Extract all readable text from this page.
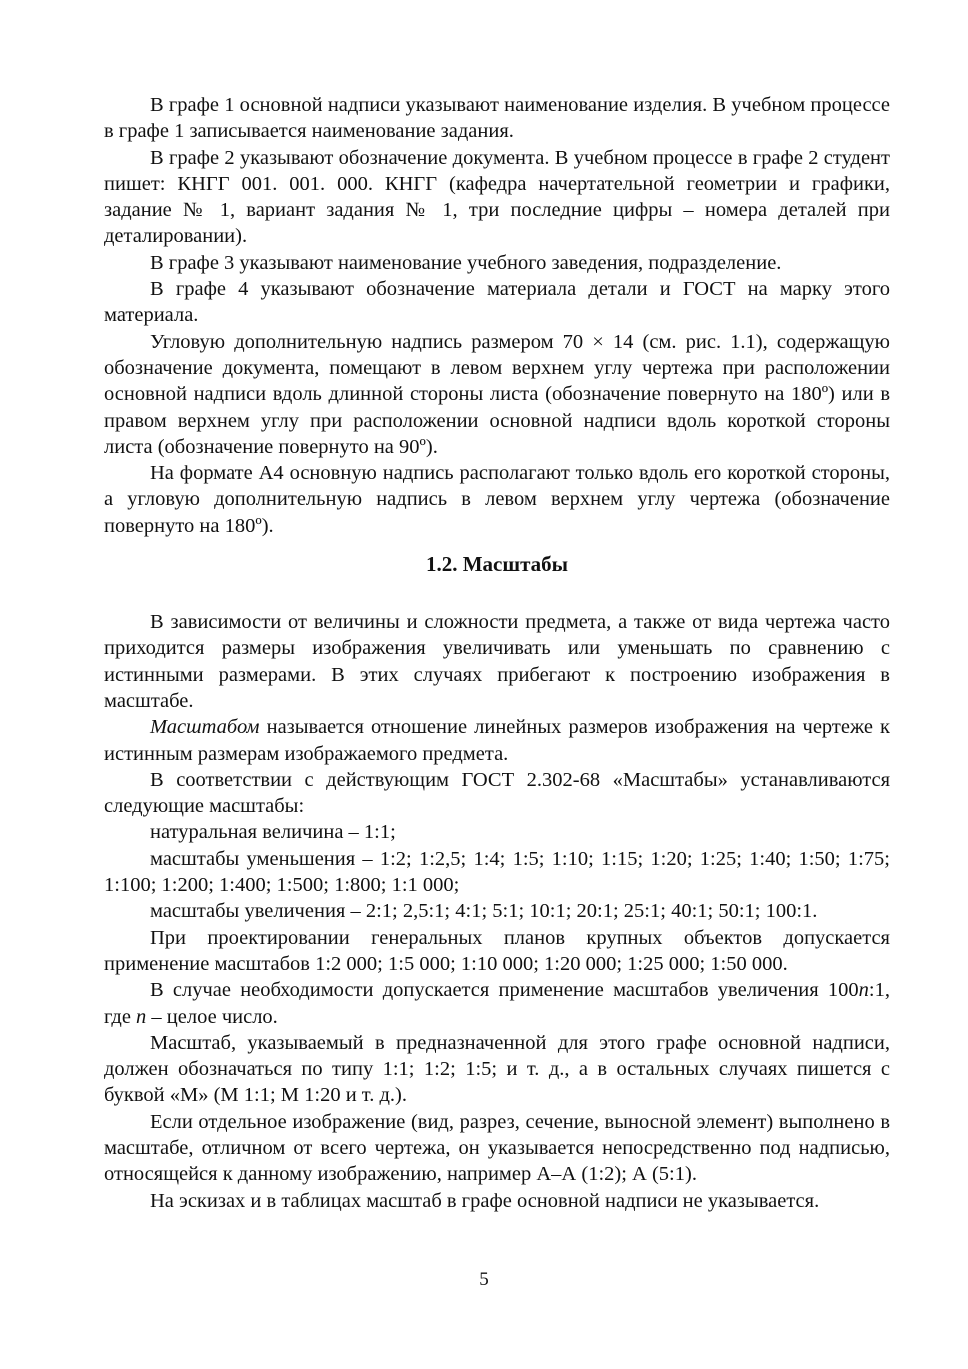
В графе 1 основной надписи указывают наименование изделия. В учебном процессе в графе 1 записывается наименование задания.

В графе 2 указывают обозначение документа. В учебном процессе в графе 2 студент пишет: КНГГ 001. 001. 000. КНГГ (кафедра начертательной геометрии и графики, задание № 1, вариант задания № 1, три последние цифры – номера деталей при деталировании).

В графе 3 указывают наименование учебного заведения, подразделение.

В графе 4 указывают обозначение материала детали и ГОСТ на марку этого материала.

Угловую дополнительную надпись размером 70 × 14 (см. рис. 1.1), содержащую обозначение документа, помещают в левом верхнем углу чертежа при расположении основной надписи вдоль длинной стороны листа (обозначение повернуто на 180º) или в правом верхнем углу при расположении основной надписи вдоль короткой стороны листа (обозначение повернуто на 90º).

На формате А4 основную надпись располагают только вдоль его короткой стороны, а угловую дополнительную надпись в левом верхнем углу чертежа (обозначение повернуто на 180º).

1.2. Масштабы

В зависимости от величины и сложности предмета, а также от вида чертежа часто приходится размеры изображения увеличивать или уменьшать по сравнению с истинными размерами. В этих случаях прибегают к построению изображения в масштабе.

Масштабом называется отношение линейных размеров изображения на чертеже к истинным размерам изображаемого предмета.

В соответствии с действующим ГОСТ 2.302-68 «Масштабы» устанавливаются следующие масштабы:

натуральная величина – 1:1;

масштабы уменьшения – 1:2; 1:2,5; 1:4; 1:5; 1:10; 1:15; 1:20; 1:25; 1:40; 1:50; 1:75; 1:100; 1:200; 1:400; 1:500; 1:800; 1:1 000;

масштабы увеличения – 2:1; 2,5:1; 4:1; 5:1; 10:1; 20:1; 25:1; 40:1; 50:1; 100:1.

При проектировании генеральных планов крупных объектов допускается применение масштабов 1:2 000; 1:5 000; 1:10 000; 1:20 000; 1:25 000; 1:50 000.

В случае необходимости допускается применение масштабов увеличения 100n:1, где n – целое число.

Масштаб, указываемый в предназначенной для этого графе основной надписи, должен обозначаться по типу 1:1; 1:2; 1:5; и т. д., а в остальных случаях пишется с буквой «М» (М 1:1; М 1:20 и т. д.).

Если отдельное изображение (вид, разрез, сечение, выносной элемент) выполнено в масштабе, отличном от всего чертежа, он указывается непосредственно под надписью, относящейся к данному изображению, например А–А (1:2); А (5:1).

На эскизах и в таблицах масштаб в графе основной надписи не указывается.

5
